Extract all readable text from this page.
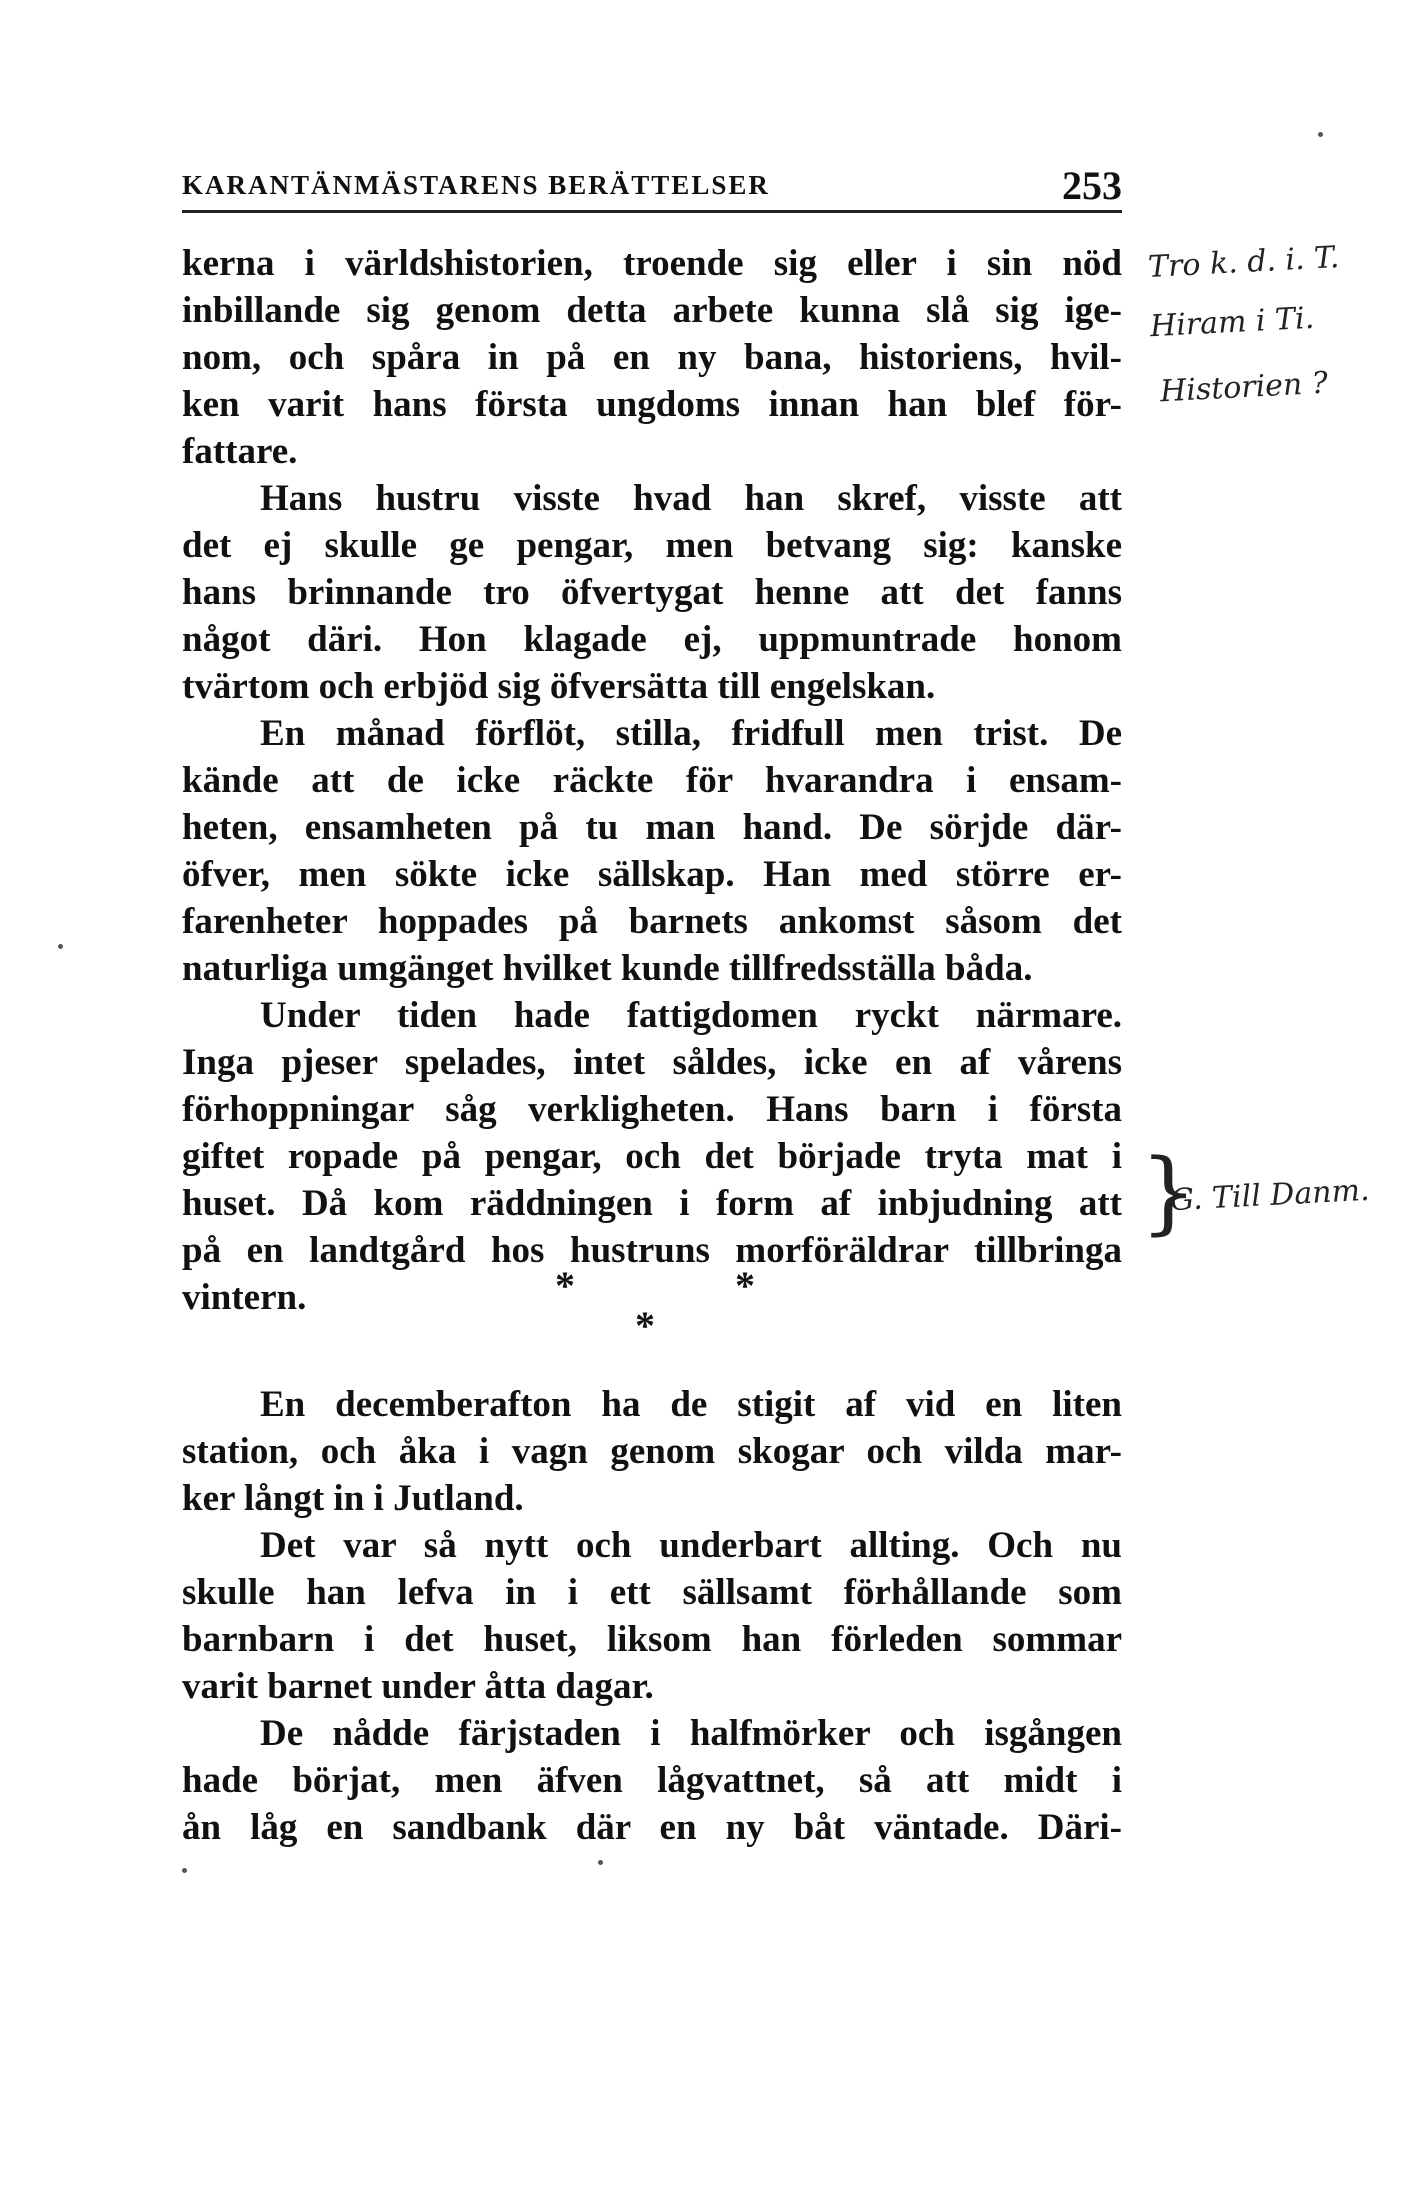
KARANTÄNMÄSTARENS BERÄTTELSER	253
kerna i världshistorien, troende sig eller i sin nöd
inbillande sig genom detta arbete kunna slå sig ige-
nom, och spåra in på en ny bana, historiens, hvil-
ken varit hans första ungdoms innan han blef för-
fattare.
Hans hustru visste hvad han skref, visste att
det ej skulle ge pengar, men betvang sig: kanske
hans brinnande tro öfvertygat henne att det fanns
något däri. Hon klagade ej, uppmuntrade honom
tvärtom och erbjöd sig öfversätta till engelskan.
En månad förflöt, stilla, fridfull men trist. De
kände att de icke räckte för hvarandra i ensam-
heten, ensamheten på tu man hand. De sörjde där-
öfver, men sökte icke sällskap. Han med större er-
farenheter hoppades på barnets ankomst såsom det
naturliga umgänget hvilket kunde tillfredsställa båda.
Under tiden hade fattigdomen ryckt närmare.
Inga pjeser spelades, intet såldes, icke en af vårens
förhoppningar såg verkligheten. Hans barn i första
giftet ropade på pengar, och det började tryta mat i
huset. Då kom räddningen i form af inbjudning att
på en landtgård hos hustruns morföräldrar tillbringa
vintern.	*	*
*
En decemberafton ha de stigit af vid en liten
station, och åka i vagn genom skogar och vilda mar-
ker långt in i Jutland.
Det var så nytt och underbart allting. Och nu
skulle han lefva in i ett sällsamt förhållande som
barnbarn i det huset, liksom han förleden sommar
varit barnet under åtta dagar.
De nådde färjstaden i halfmörker och isgången
hade börjat, men äfven lågvattnet, så att midt i
ån låg en sandbank där en ny båt väntade. Däri-
Tro k. d. i. T.
Hiram i Ti.
Historien ?
}
G. Till Danm.
